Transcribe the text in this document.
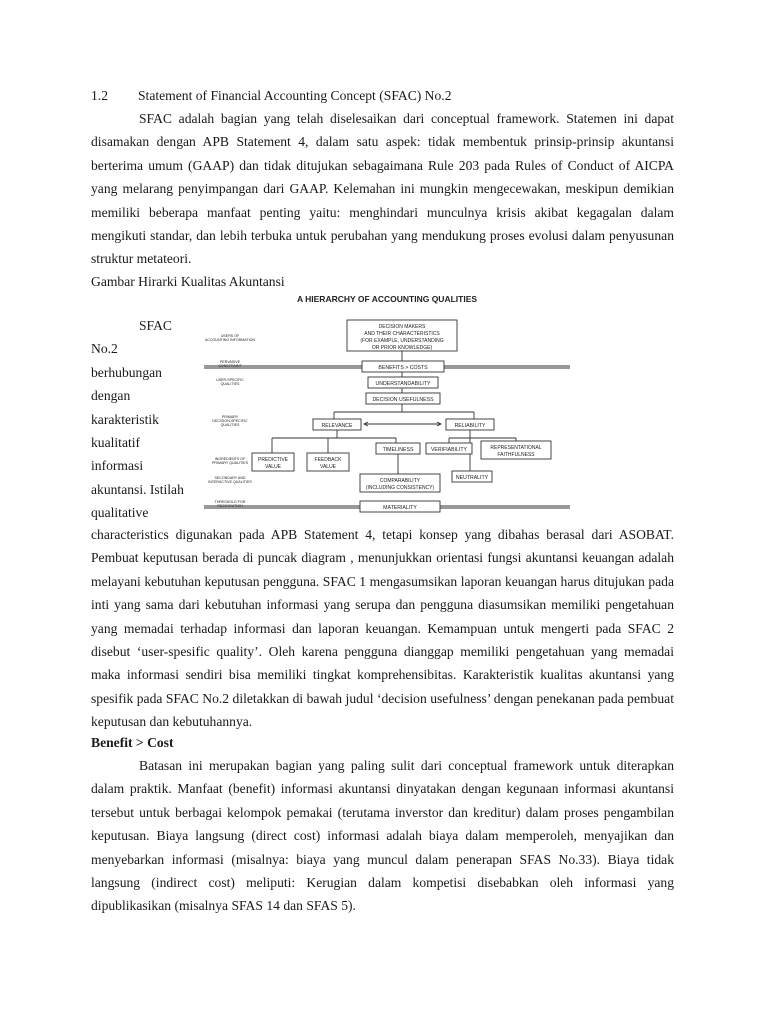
1.2 Statement of Financial Accounting Concept (SFAC) No.2

SFAC adalah bagian yang telah diselesaikan dari conceptual framework. Statemen ini dapat disamakan dengan APB Statement 4, dalam satu aspek: tidak membentuk prinsip-prinsip akuntansi berterima umum (GAAP) dan tidak ditujukan sebagaimana Rule 203 pada Rules of Conduct of AICPA yang melarang penyimpangan dari GAAP. Kelemahan ini mungkin mengecewakan, meskipun demikian memiliki beberapa manfaat penting yaitu: menghindari munculnya krisis akibat kegagalan dalam mengikuti standar, dan lebih terbuka untuk perubahan yang mendukung proses evolusi dalam penyusunan struktur metateori.

Gambar Hirarki Kualitas Akuntansi
SFAC
No.2
berhubungan
dengan
karakteristik
kualitatif
informasi
akuntansi. Istilah
qualitative
A HIERARCHY OF ACCOUNTING QUALITIES
USERS OF ACCOUNTING INFORMATION
PERVASIVE CONSTRAINT
USER-SPECIFIC QUALITIES
PRIMARY DECISION-SPECIFIC QUALITIES
INGREDIENTS OF PRIMARY QUALITIES
SECONDARY AND INTERACTIVE QUALITIES
THRESHOLD FOR RECOGNITION
DECISION MAKERS
AND THEIR CHARACTERISTICS
(FOR EXAMPLE, UNDERSTANDING
OR PRIOR KNOWLEDGE)
BENEFITS > COSTS
UNDERSTANDABILITY
DECISION USEFULNESS
RELEVANCE	RELIABILITY
PREDICTIVE
VALUE
FEEDBACK
VALUE
TIMELINESS	VERIFIABILITY	REPRESENTATIONAL
FAITHFULNESS
COMPARABILITY
(INCLUDING CONSISTENCY)
NEUTRALITY
MATERIALITY

characteristics digunakan pada APB Statement 4, tetapi konsep yang dibahas berasal dari ASOBAT. Pembuat keputusan berada di puncak diagram , menunjukkan orientasi fungsi akuntansi keuangan adalah melayani kebutuhan keputusan pengguna. SFAC 1 mengasumsikan laporan keuangan harus ditujukan pada inti yang sama dari kebutuhan informasi yang serupa dan pengguna diasumsikan memiliki pengetahuan yang memadai terhadap informasi dan laporan keuangan. Kemampuan untuk mengerti pada SFAC 2 disebut ‘user-spesific quality’. Oleh karena pengguna dianggap memiliki pengetahuan yang memadai maka informasi sendiri bisa memiliki tingkat komprehensibitas. Karakteristik kualitas akuntansi yang spesifik pada SFAC No.2 diletakkan di bawah judul ‘decision usefulness’ dengan penekanan pada pembuat keputusan dan kebutuhannya.

Benefit > Cost

Batasan ini merupakan bagian yang paling sulit dari conceptual framework untuk diterapkan dalam praktik. Manfaat (benefit) informasi akuntansi dinyatakan dengan kegunaan informasi akuntansi tersebut untuk berbagai kelompok pemakai (terutama inverstor dan kreditur) dalam proses pengambilan keputusan. Biaya langsung (direct cost) informasi adalah biaya dalam memperoleh, menyajikan dan menyebarkan informasi (misalnya: biaya yang muncul dalam penerapan SFAS No.33). Biaya tidak langsung (indirect cost) meliputi: Kerugian dalam kompetisi disebabkan oleh informasi yang dipublikasikan (misalnya SFAS 14 dan SFAS 5).
